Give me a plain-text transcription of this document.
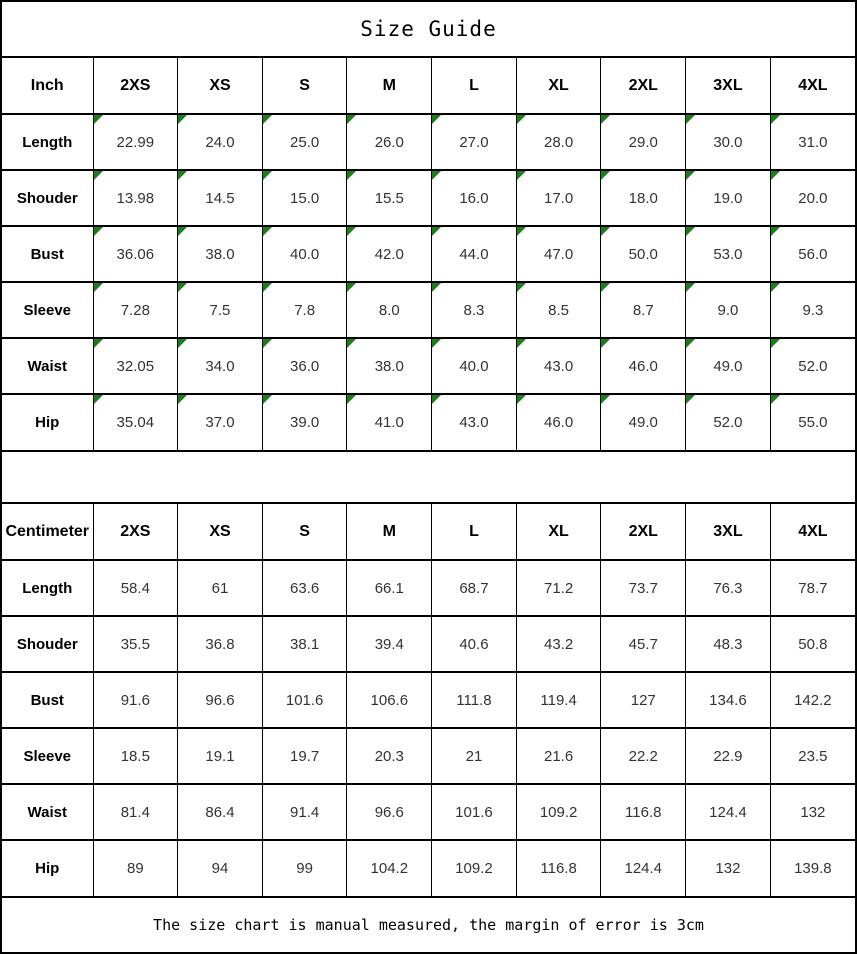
Size Guide
Inch	2XS	XS	S	M	L	XL	2XL	3XL	4XL
Length	22.99	24.0	25.0	26.0	27.0	28.0	29.0	30.0	31.0
Shouder	13.98	14.5	15.0	15.5	16.0	17.0	18.0	19.0	20.0
Bust	36.06	38.0	40.0	42.0	44.0	47.0	50.0	53.0	56.0
Sleeve	7.28	7.5	7.8	8.0	8.3	8.5	8.7	9.0	9.3
Waist	32.05	34.0	36.0	38.0	40.0	43.0	46.0	49.0	52.0
Hip	35.04	37.0	39.0	41.0	43.0	46.0	49.0	52.0	55.0
Centimeter	2XS	XS	S	M	L	XL	2XL	3XL	4XL
Length	58.4	61	63.6	66.1	68.7	71.2	73.7	76.3	78.7
Shouder	35.5	36.8	38.1	39.4	40.6	43.2	45.7	48.3	50.8
Bust	91.6	96.6	101.6	106.6	111.8	119.4	127	134.6	142.2
Sleeve	18.5	19.1	19.7	20.3	21	21.6	22.2	22.9	23.5
Waist	81.4	86.4	91.4	96.6	101.6	109.2	116.8	124.4	132
Hip	89	94	99	104.2	109.2	116.8	124.4	132	139.8
The size chart is manual measured, the margin of error is 3cm
